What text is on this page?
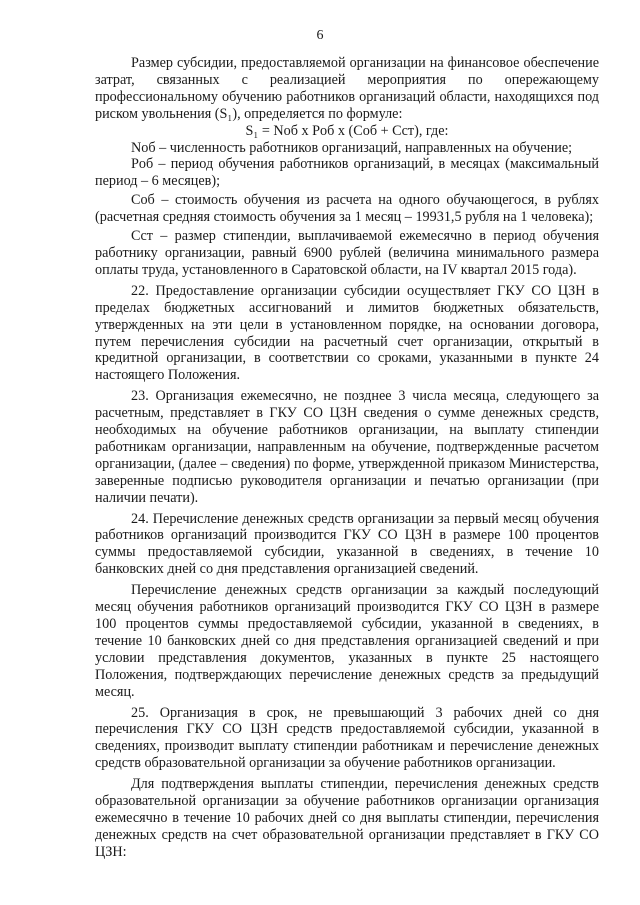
6

Размер субсидии, предоставляемой организации на финансовое обеспечение затрат, связанных с реализацией мероприятия по опережающему профессиональному обучению работников организаций области, находящихся под риском увольнения (S₁), определяется по формуле:

S₁ = Nоб x Pоб x (Cоб + Cст), где:

Nоб – численность работников организаций, направленных на обучение;

Pоб – период обучения работников организаций, в месяцах (максимальный период – 6 месяцев);

Cоб – стоимость обучения из расчета на одного обучающегося, в рублях (расчетная средняя стоимость обучения за 1 месяц – 19931,5 рубля на 1 человека);

Cст – размер стипендии, выплачиваемой ежемесячно в период обучения работнику организации, равный 6900 рублей (величина минимального размера оплаты труда, установленного в Саратовской области, на IV квартал 2015 года).

22. Предоставление организации субсидии осуществляет ГКУ СО ЦЗН в пределах бюджетных ассигнований и лимитов бюджетных обязательств, утвержденных на эти цели в установленном порядке, на основании договора, путем перечисления субсидии на расчетный счет организации, открытый в кредитной организации, в соответствии со сроками, указанными в пункте 24 настоящего Положения.

23. Организация ежемесячно, не позднее 3 числа месяца, следующего за расчетным, представляет в ГКУ СО ЦЗН сведения о сумме денежных средств, необходимых на обучение работников организации, на выплату стипендии работникам организации, направленным на обучение, подтвержденные расчетом организации, (далее – сведения) по форме, утвержденной приказом Министерства, заверенные подписью руководителя организации и печатью организации (при наличии печати).

24. Перечисление денежных средств организации за первый месяц обучения работников организаций производится ГКУ СО ЦЗН в размере 100 процентов суммы предоставляемой субсидии, указанной в сведениях, в течение 10 банковских дней со дня представления организацией сведений.

Перечисление денежных средств организации за каждый последующий месяц обучения работников организаций производится ГКУ СО ЦЗН в размере 100 процентов суммы предоставляемой субсидии, указанной в сведениях, в течение 10 банковских дней со дня представления организацией сведений и при условии представления документов, указанных в пункте 25 настоящего Положения, подтверждающих перечисление денежных средств за предыдущий месяц.

25. Организация в срок, не превышающий 3 рабочих дней со дня перечисления ГКУ СО ЦЗН средств предоставляемой субсидии, указанной в сведениях, производит выплату стипендии работникам и перечисление денежных средств образовательной организации за обучение работников организации.

Для подтверждения выплаты стипендии, перечисления денежных средств образовательной организации за обучение работников организации организация ежемесячно в течение 10 рабочих дней со дня выплаты стипендии, перечисления денежных средств на счет образовательной организации представляет в ГКУ СО ЦЗН:
